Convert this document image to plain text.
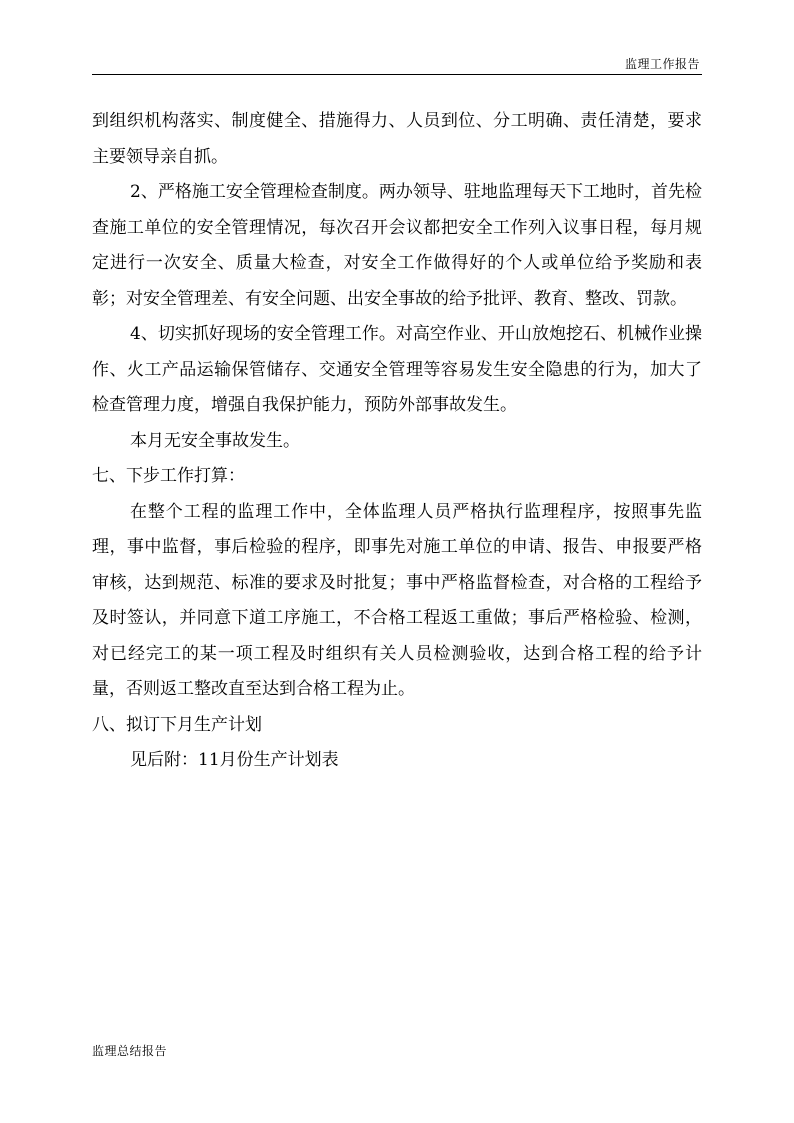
监理工作报告

到组织机构落实、制度健全、措施得力、人员到位、分工明确、责任清楚，要求主要领导亲自抓。

2、严格施工安全管理检查制度。两办领导、驻地监理每天下工地时，首先检查施工单位的安全管理情况，每次召开会议都把安全工作列入议事日程，每月规定进行一次安全、质量大检查，对安全工作做得好的个人或单位给予奖励和表彰；对安全管理差、有安全问题、出安全事故的给予批评、教育、整改、罚款。

4、切实抓好现场的安全管理工作。对高空作业、开山放炮挖石、机械作业操作、火工产品运输保管储存、交通安全管理等容易发生安全隐患的行为，加大了检查管理力度，增强自我保护能力，预防外部事故发生。

本月无安全事故发生。

七、下步工作打算：

在整个工程的监理工作中，全体监理人员严格执行监理程序，按照事先监理，事中监督，事后检验的程序，即事先对施工单位的申请、报告、申报要严格审核，达到规范、标准的要求及时批复；事中严格监督检查，对合格的工程给予及时签认，并同意下道工序施工，不合格工程返工重做；事后严格检验、检测，对已经完工的某一项工程及时组织有关人员检测验收，达到合格工程的给予计量，否则返工整改直至达到合格工程为止。

八、拟订下月生产计划

见后附：11月份生产计划表

监理总结报告
